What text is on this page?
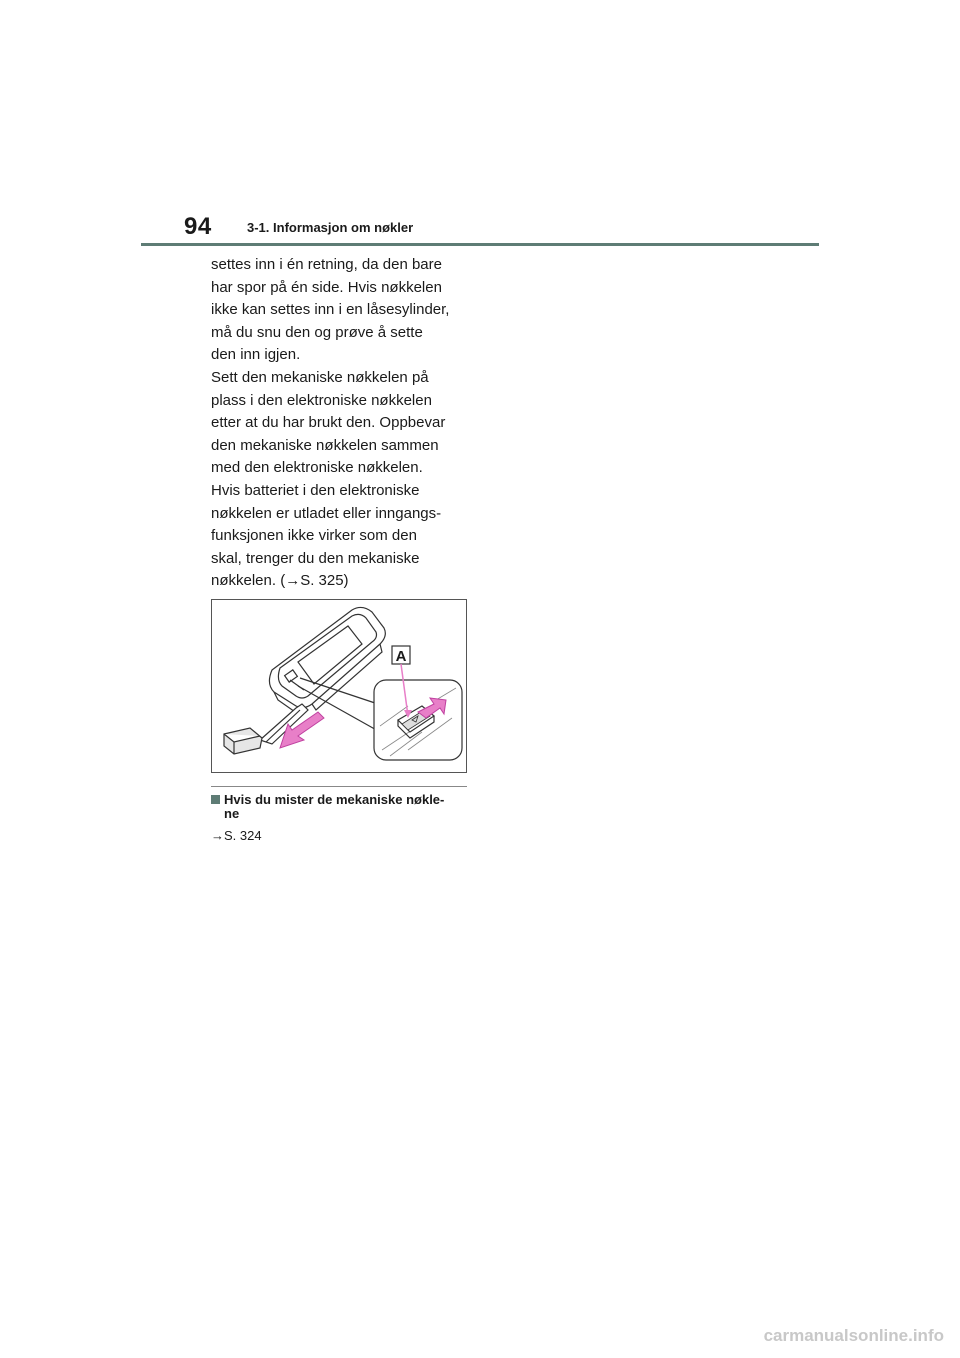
94	3-1. Informasjon om nøkler
settes inn i én retning, da den bare
har spor på én side. Hvis nøkkelen
ikke kan settes inn i en låsesylinder,
må du snu den og prøve å sette
den inn igjen.
Sett den mekaniske nøkkelen på
plass i den elektroniske nøkkelen
etter at du har brukt den. Oppbevar
den mekaniske nøkkelen sammen
med den elektroniske nøkkelen.
Hvis batteriet i den elektroniske
nøkkelen er utladet eller inngangs-
funksjonen ikke virker som den
skal, trenger du den mekaniske
nøkkelen. (→S. 325)
A
Hvis du mister de mekaniske nøkle-
ne
→S. 324
carmanualsonline.info
